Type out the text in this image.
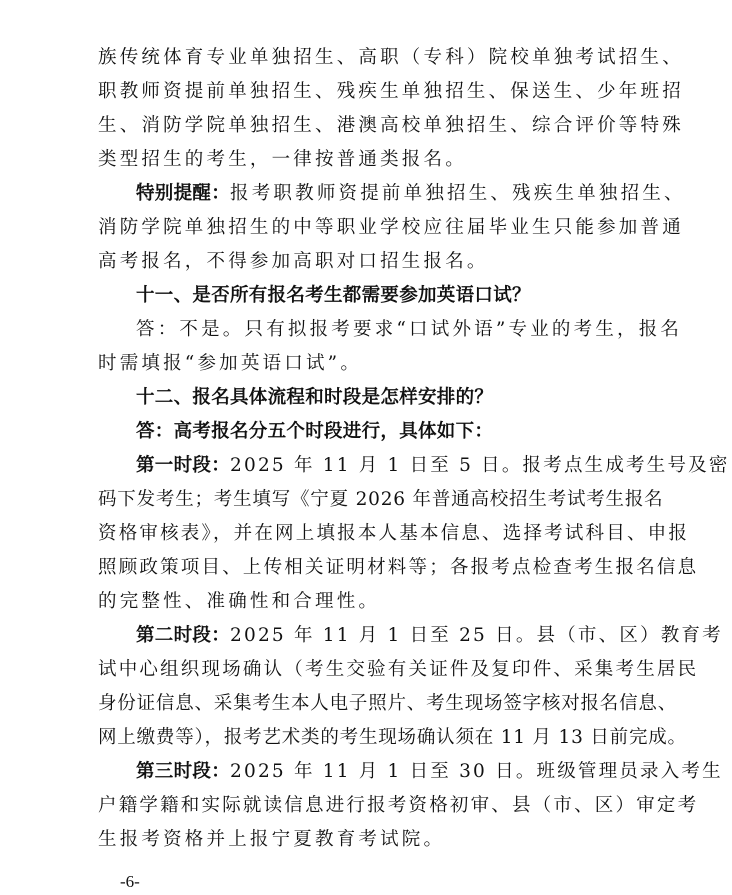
族传统体育专业单独招生、高职（专科）院校单独考试招生、
职教师资提前单独招生、残疾生单独招生、保送生、少年班招
生、消防学院单独招生、港澳高校单独招生、综合评价等特殊
类型招生的考生，一律按普通类报名。
特别提醒：报考职教师资提前单独招生、残疾生单独招生、
消防学院单独招生的中等职业学校应往届毕业生只能参加普通
高考报名，不得参加高职对口招生报名。
十一、是否所有报名考生都需要参加英语口试？
答：不是。只有拟报考要求“口试外语”专业的考生，报名
时需填报“参加英语口试”。
十二、报名具体流程和时段是怎样安排的？
答：高考报名分五个时段进行，具体如下：
第一时段：2025 年 11 月 1 日至 5 日。报考点生成考生号及密
码下发考生；考生填写《宁夏 2026 年普通高校招生考试考生报名
资格审核表》，并在网上填报本人基本信息、选择考试科目、申报
照顾政策项目、上传相关证明材料等；各报考点检查考生报名信息
的完整性、准确性和合理性。
第二时段：2025 年 11 月 1 日至 25 日。县（市、区）教育考
试中心组织现场确认（考生交验有关证件及复印件、采集考生居民
身份证信息、采集考生本人电子照片、考生现场签字核对报名信息、
网上缴费等），报考艺术类的考生现场确认须在 11 月 13 日前完成。
第三时段：2025 年 11 月 1 日至 30 日。班级管理员录入考生
户籍学籍和实际就读信息进行报考资格初审、县（市、区）审定考
生报考资格并上报宁夏教育考试院。
-6-
